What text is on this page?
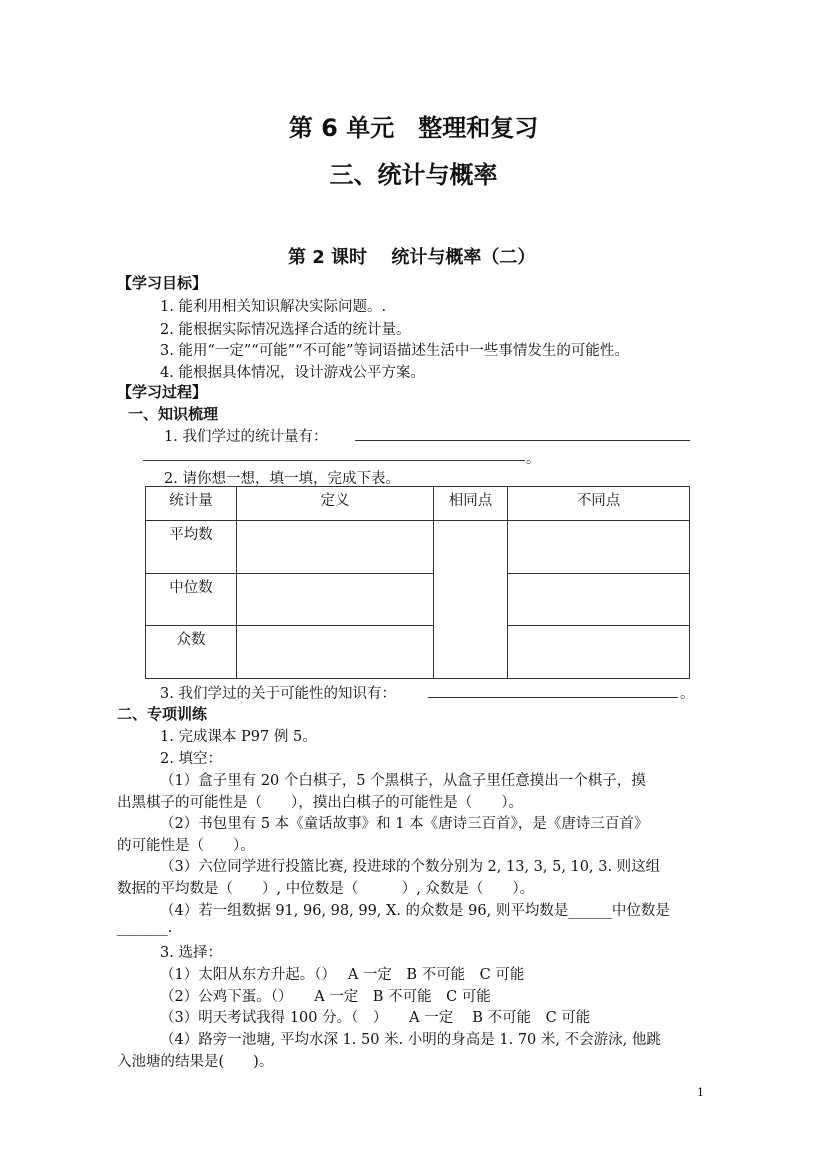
第 6 单元　整理和复习
三、统计与概率
第 2 课时　 统计与概率（二）
【学习目标】
1. 能利用相关知识解决实际问题。.
2. 能根据实际情况选择合适的统计量。
3. 能用“一定”“可能”“不可能”等词语描述生活中一些事情发生的可能性。
4. 能根据具体情况，设计游戏公平方案。
【学习过程】
一、知识梳理
1. 我们学过的统计量有：
。
2. 请你想一想，填一填，完成下表。
统计量	定义	相同点	不同点
平均数			
中位数			
众数			
3. 我们学过的关于可能性的知识有：	。
二、专项训练
1. 完成课本 P97 例 5。
2. 填空：
（1）盒子里有 20 个白棋子，5 个黑棋子，从盒子里任意摸出一个棋子，摸
出黑棋子的可能性是（　　），摸出白棋子的可能性是（　　）。
（2）书包里有 5 本《童话故事》和 1 本《唐诗三百首》，是《唐诗三百首》
的可能性是（　　）。
（3）六位同学进行投篮比赛, 投进球的个数分别为 2, 13, 3, 5, 10, 3. 则这组
数据的平均数是（　　）, 中位数是（　　　）, 众数是（　　）。
（4）若一组数据 91, 96, 98, 99, X. 的众数是 96, 则平均数是______中位数是
_______.
3. 选择：
（1）太阳从东方升起。（）　 A 一定　B 不可能　C 可能
（2）公鸡下蛋。（）　　A 一定　B 不可能　C 可能
（3）明天考试我得 100 分。（　）　　A 一定　 B 不可能　C 可能
（4）路旁一池塘, 平均水深 1. 50 米. 小明的身高是 1. 70 米, 不会游泳, 他跳
入池塘的结果是(　　)。
1
